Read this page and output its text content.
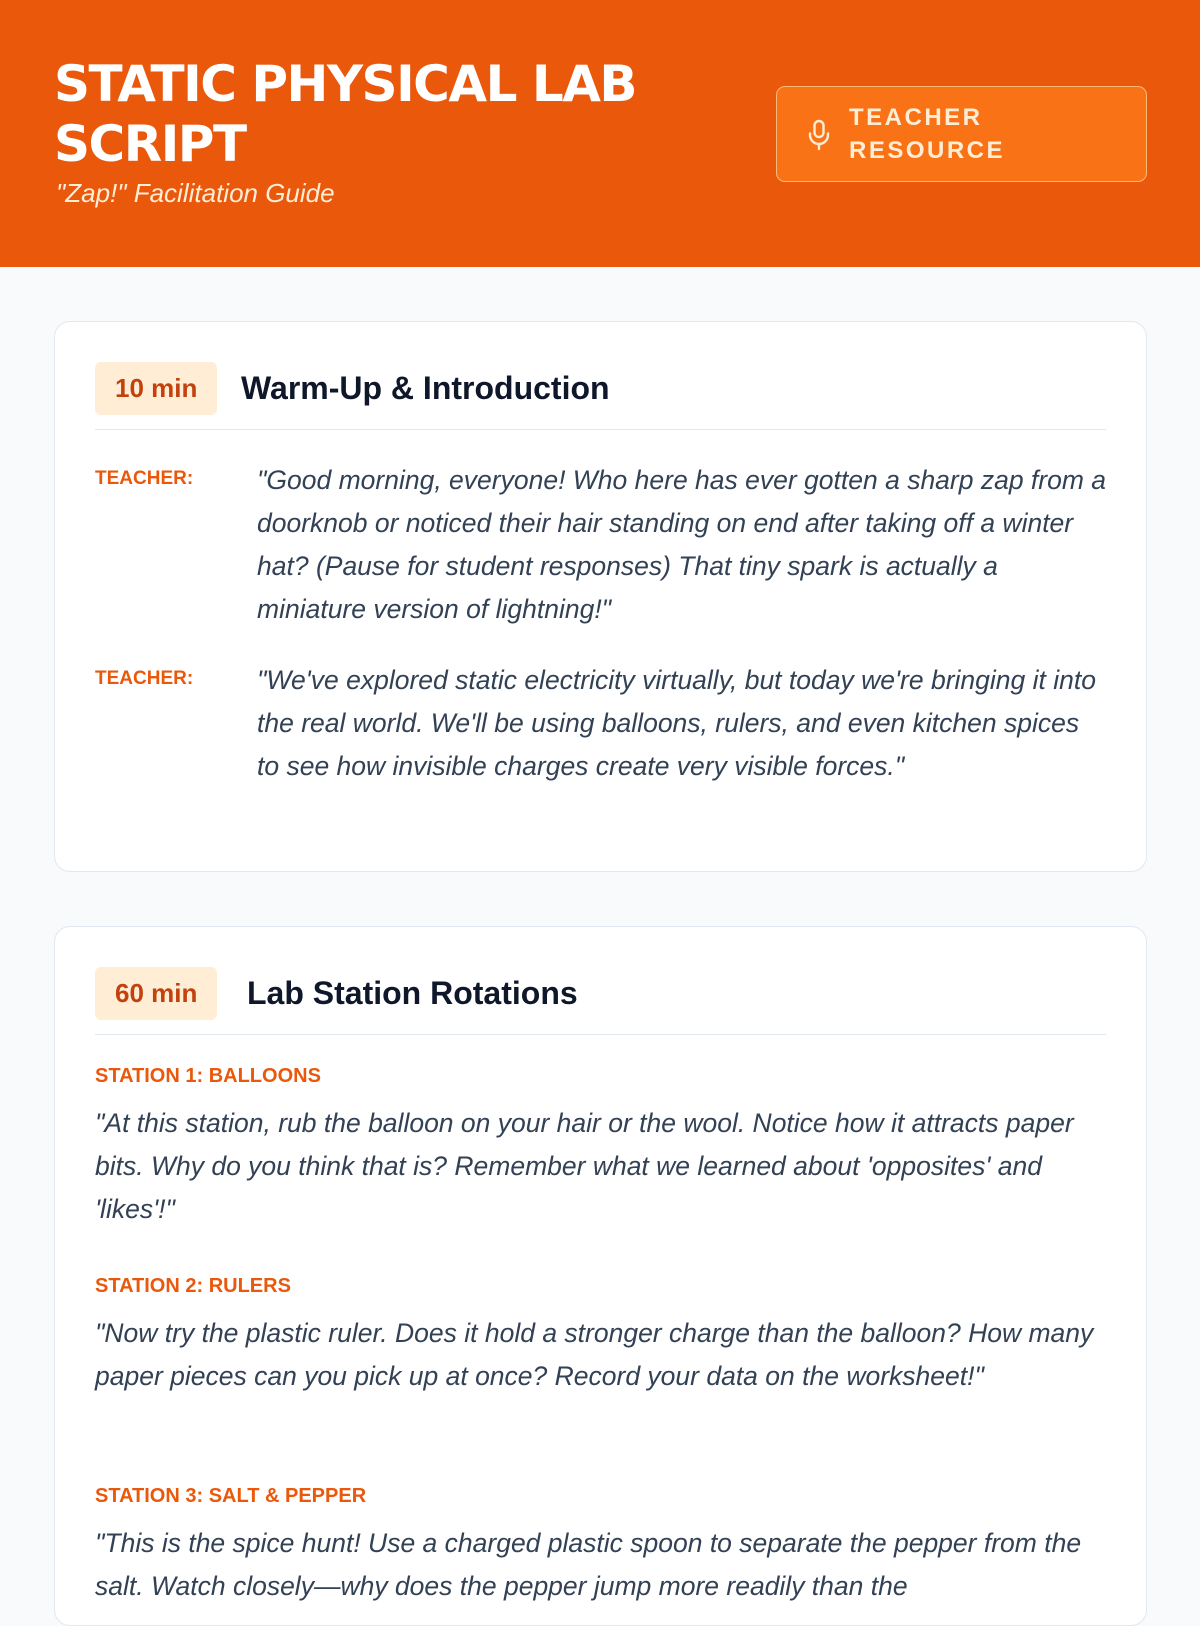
STATIC PHYSICAL LAB SCRIPT
"Zap!" Facilitation Guide
TEACHER RESOURCE
10 min	Warm-Up & Introduction
TEACHER: "Good morning, everyone! Who here has ever gotten a sharp zap from a doorknob or noticed their hair standing on end after taking off a winter hat? (Pause for student responses) That tiny spark is actually a miniature version of lightning!"
TEACHER: "We've explored static electricity virtually, but today we're bringing it into the real world. We'll be using balloons, rulers, and even kitchen spices to see how invisible charges create very visible forces."
60 min	Lab Station Rotations
STATION 1: BALLOONS
"At this station, rub the balloon on your hair or the wool. Notice how it attracts paper bits. Why do you think that is? Remember what we learned about 'opposites' and 'likes'!"
STATION 2: RULERS
"Now try the plastic ruler. Does it hold a stronger charge than the balloon? How many paper pieces can you pick up at once? Record your data on the worksheet!"
STATION 3: SALT & PEPPER
"This is the spice hunt! Use a charged plastic spoon to separate the pepper from the salt. Watch closely—why does the pepper jump more readily than the
